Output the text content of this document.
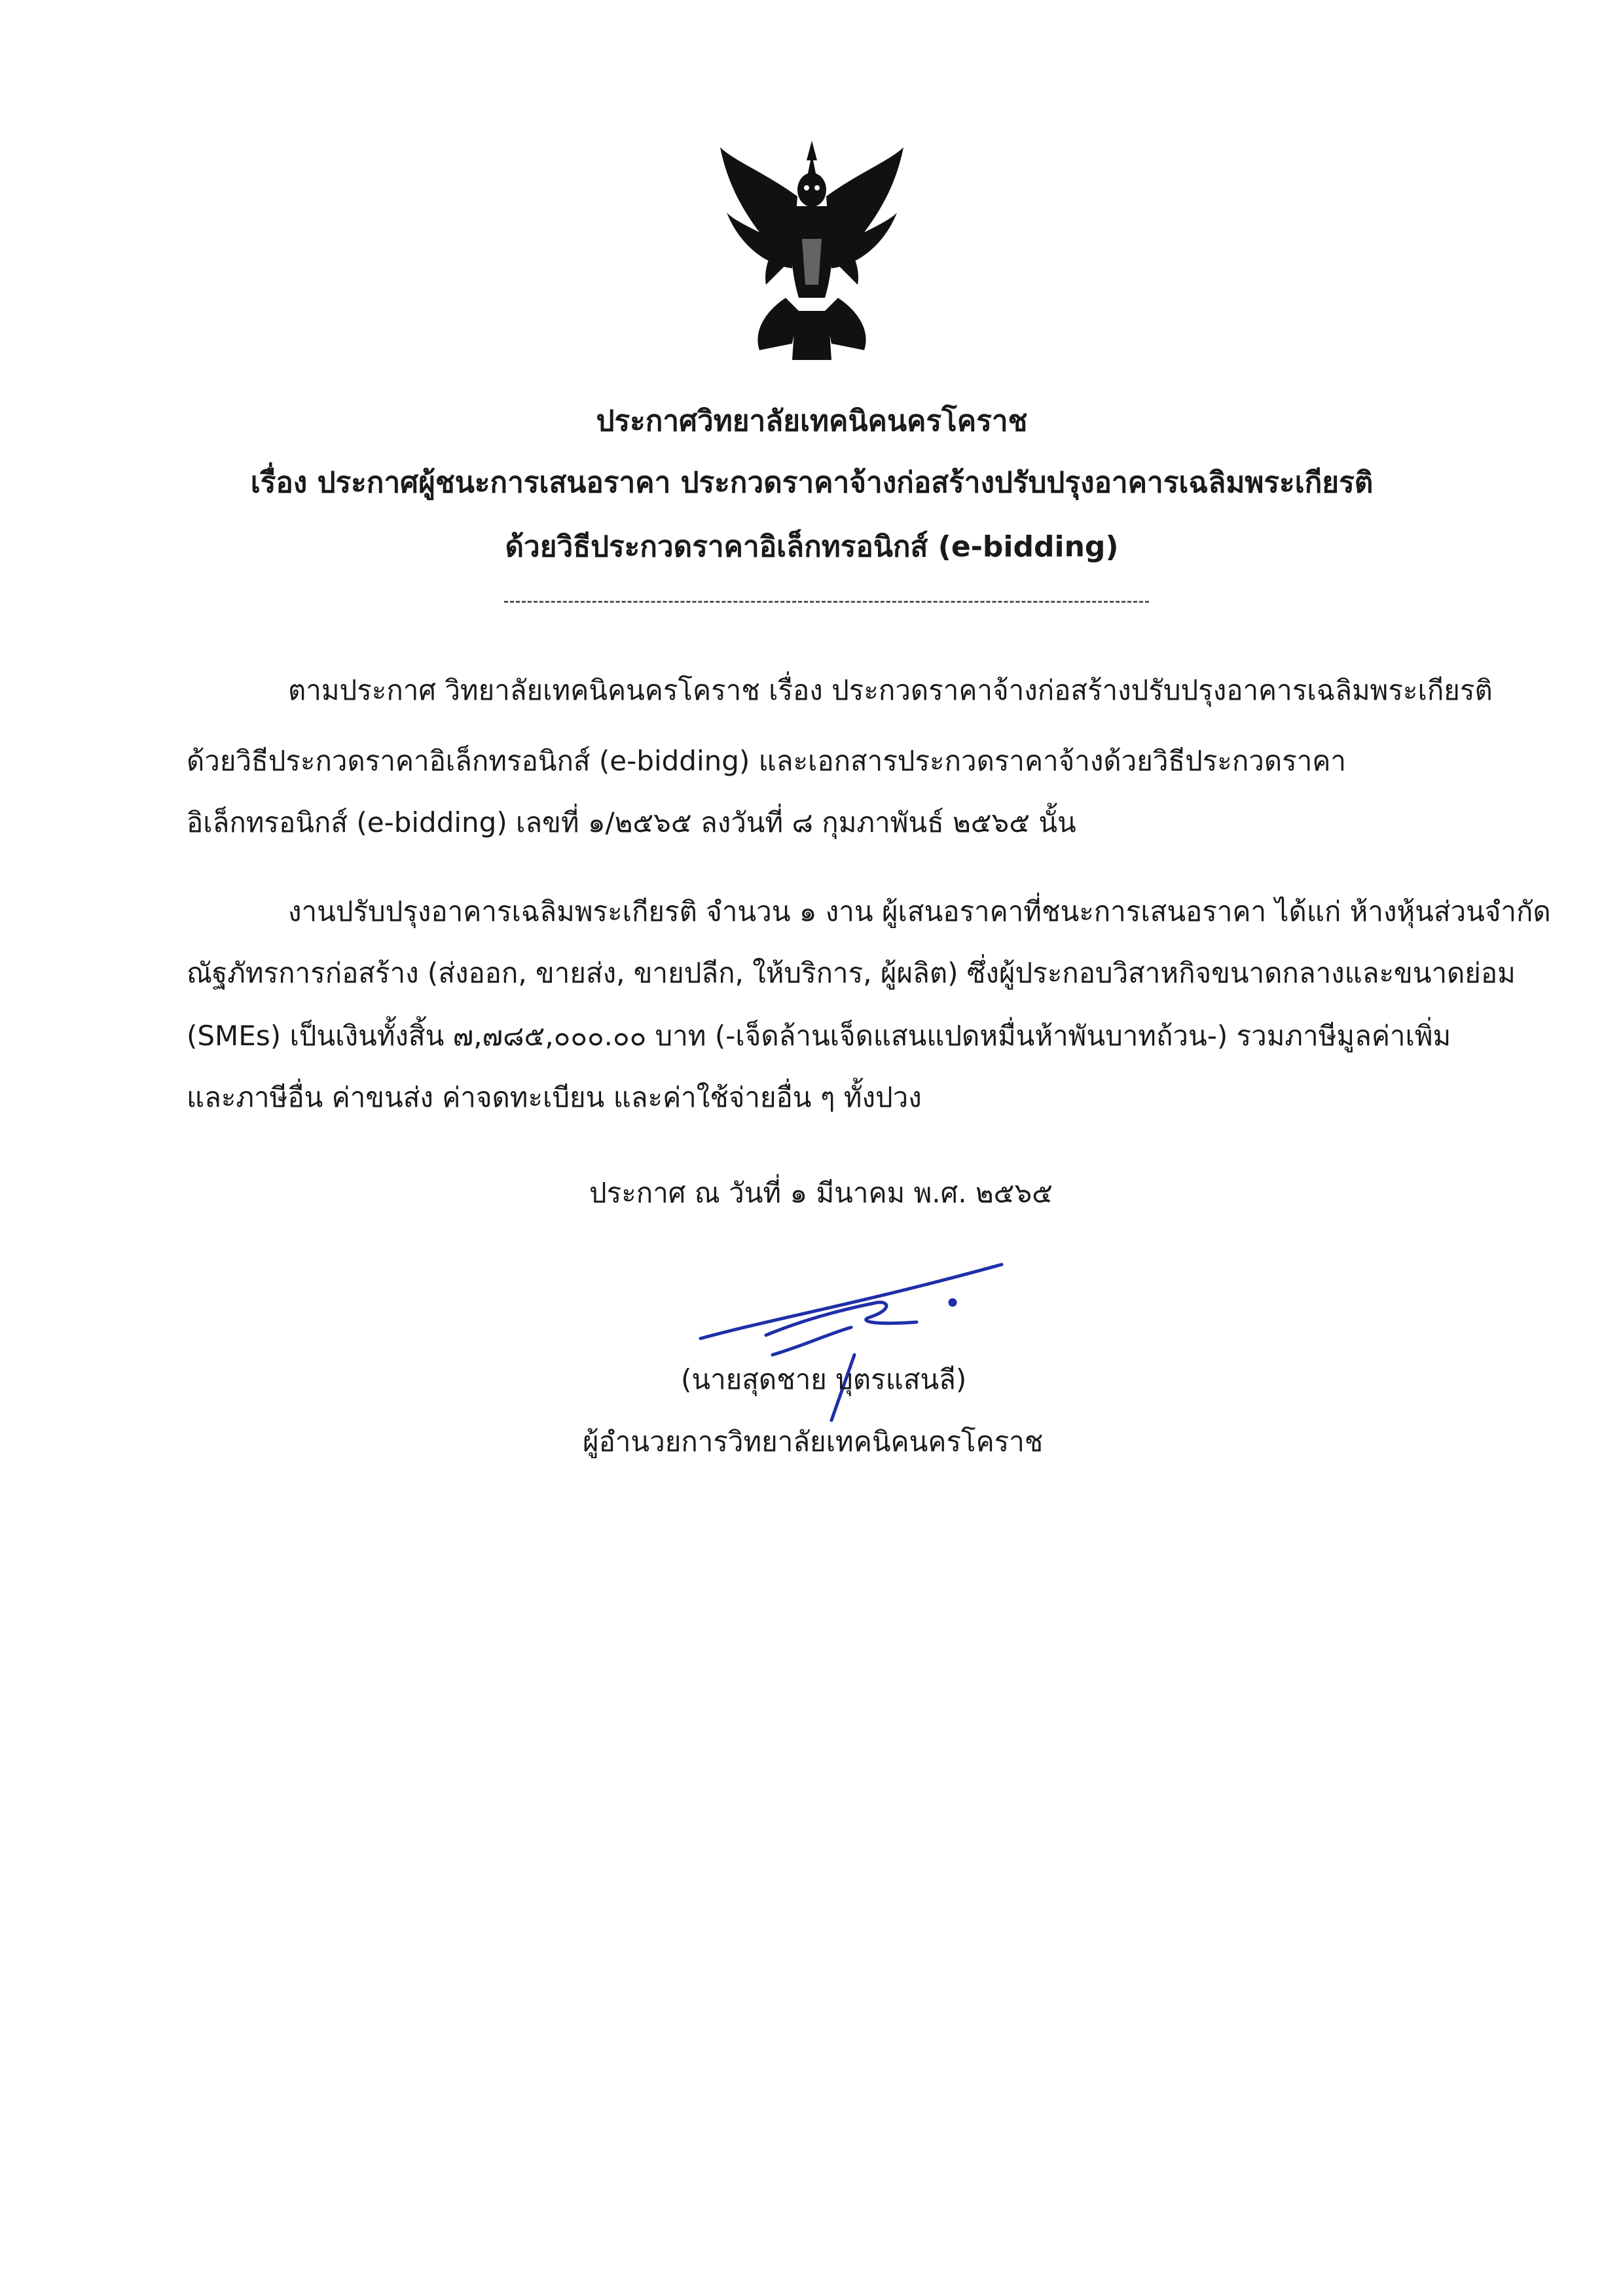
ประกาศวิทยาลัยเทคนิคนครโคราช
เรื่อง ประกาศผู้ชนะการเสนอราคา ประกวดราคาจ้างก่อสร้างปรับปรุงอาคารเฉลิมพระเกียรติ
ด้วยวิธีประกวดราคาอิเล็กทรอนิกส์ (e-bidding)
ตามประกาศ วิทยาลัยเทคนิคนครโคราช เรื่อง ประกวดราคาจ้างก่อสร้างปรับปรุงอาคารเฉลิมพระเกียรติ
ด้วยวิธีประกวดราคาอิเล็กทรอนิกส์ (e-bidding) และเอกสารประกวดราคาจ้างด้วยวิธีประกวดราคา
อิเล็กทรอนิกส์ (e-bidding) เลขที่ ๑/๒๕๖๕ ลงวันที่ ๘ กุมภาพันธ์ ๒๕๖๕ นั้น
งานปรับปรุงอาคารเฉลิมพระเกียรติ จำนวน ๑ งาน ผู้เสนอราคาที่ชนะการเสนอราคา ได้แก่ ห้างหุ้นส่วนจำกัด
ณัฐภัทรการก่อสร้าง (ส่งออก, ขายส่ง, ขายปลีก, ให้บริการ, ผู้ผลิต) ซึ่งผู้ประกอบวิสาหกิจขนาดกลางและขนาดย่อม
(SMEs) เป็นเงินทั้งสิ้น ๗,๗๘๕,๐๐๐.๐๐ บาท (-เจ็ดล้านเจ็ดแสนแปดหมื่นห้าพันบาทถ้วน-) รวมภาษีมูลค่าเพิ่ม
และภาษีอื่น ค่าขนส่ง ค่าจดทะเบียน และค่าใช้จ่ายอื่น ๆ ทั้งปวง
ประกาศ ณ วันที่ ๑ มีนาคม พ.ศ. ๒๕๖๕
(นายสุดชาย บุตรแสนลี)
ผู้อำนวยการวิทยาลัยเทคนิคนครโคราช
